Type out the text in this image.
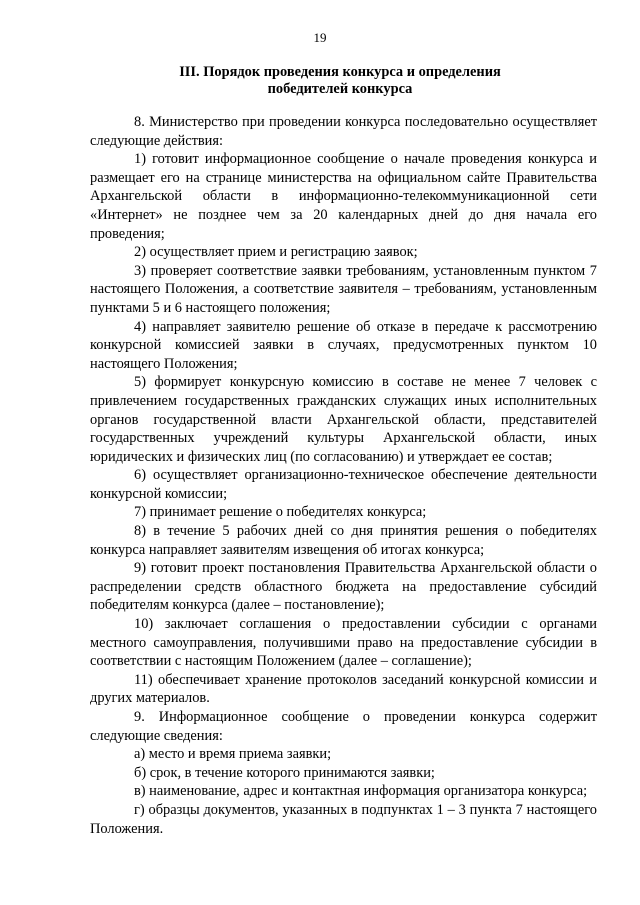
19
III. Порядок проведения конкурса и определения
победителей конкурса

8. Министерство при проведении конкурса последовательно осуществляет следующие действия:

1) готовит информационное сообщение о начале проведения конкурса и размещает его на странице министерства на официальном сайте Правительства Архангельской области в информационно-телекоммуникационной сети «Интернет» не позднее чем за 20 календарных дней до дня начала его проведения;

2) осуществляет прием и регистрацию заявок;

3) проверяет соответствие заявки требованиям, установленным пунктом 7 настоящего Положения, а соответствие заявителя – требованиям, установленным пунктами 5 и 6 настоящего положения;

4) направляет заявителю решение об отказе в передаче к рассмотрению конкурсной комиссией заявки в случаях, предусмотренных пунктом 10 настоящего Положения;

5) формирует конкурсную комиссию в составе не менее 7 человек с привлечением государственных гражданских служащих иных исполнительных органов государственной власти Архангельской области, представителей государственных учреждений культуры Архангельской области, иных юридических и физических лиц (по согласованию) и утверждает ее состав;

6) осуществляет организационно-техническое обеспечение деятельности конкурсной комиссии;

7) принимает решение о победителях конкурса;

8) в течение 5 рабочих дней со дня принятия решения о победителях конкурса направляет заявителям извещения об итогах конкурса;

9) готовит проект постановления Правительства Архангельской области о распределении средств областного бюджета на предоставление субсидий победителям конкурса (далее – постановление);

10) заключает соглашения о предоставлении субсидии с органами местного самоуправления, получившими право на предоставление субсидии в соответствии с настоящим Положением (далее – соглашение);

11) обеспечивает хранение протоколов заседаний конкурсной комиссии и других материалов.

9. Информационное сообщение о проведении конкурса содержит следующие сведения:

а) место и время приема заявки;

б) срок, в течение которого принимаются заявки;

в) наименование, адрес и контактная информация организатора конкурса;

г) образцы документов, указанных в подпунктах 1 – 3 пункта 7 настоящего Положения.
